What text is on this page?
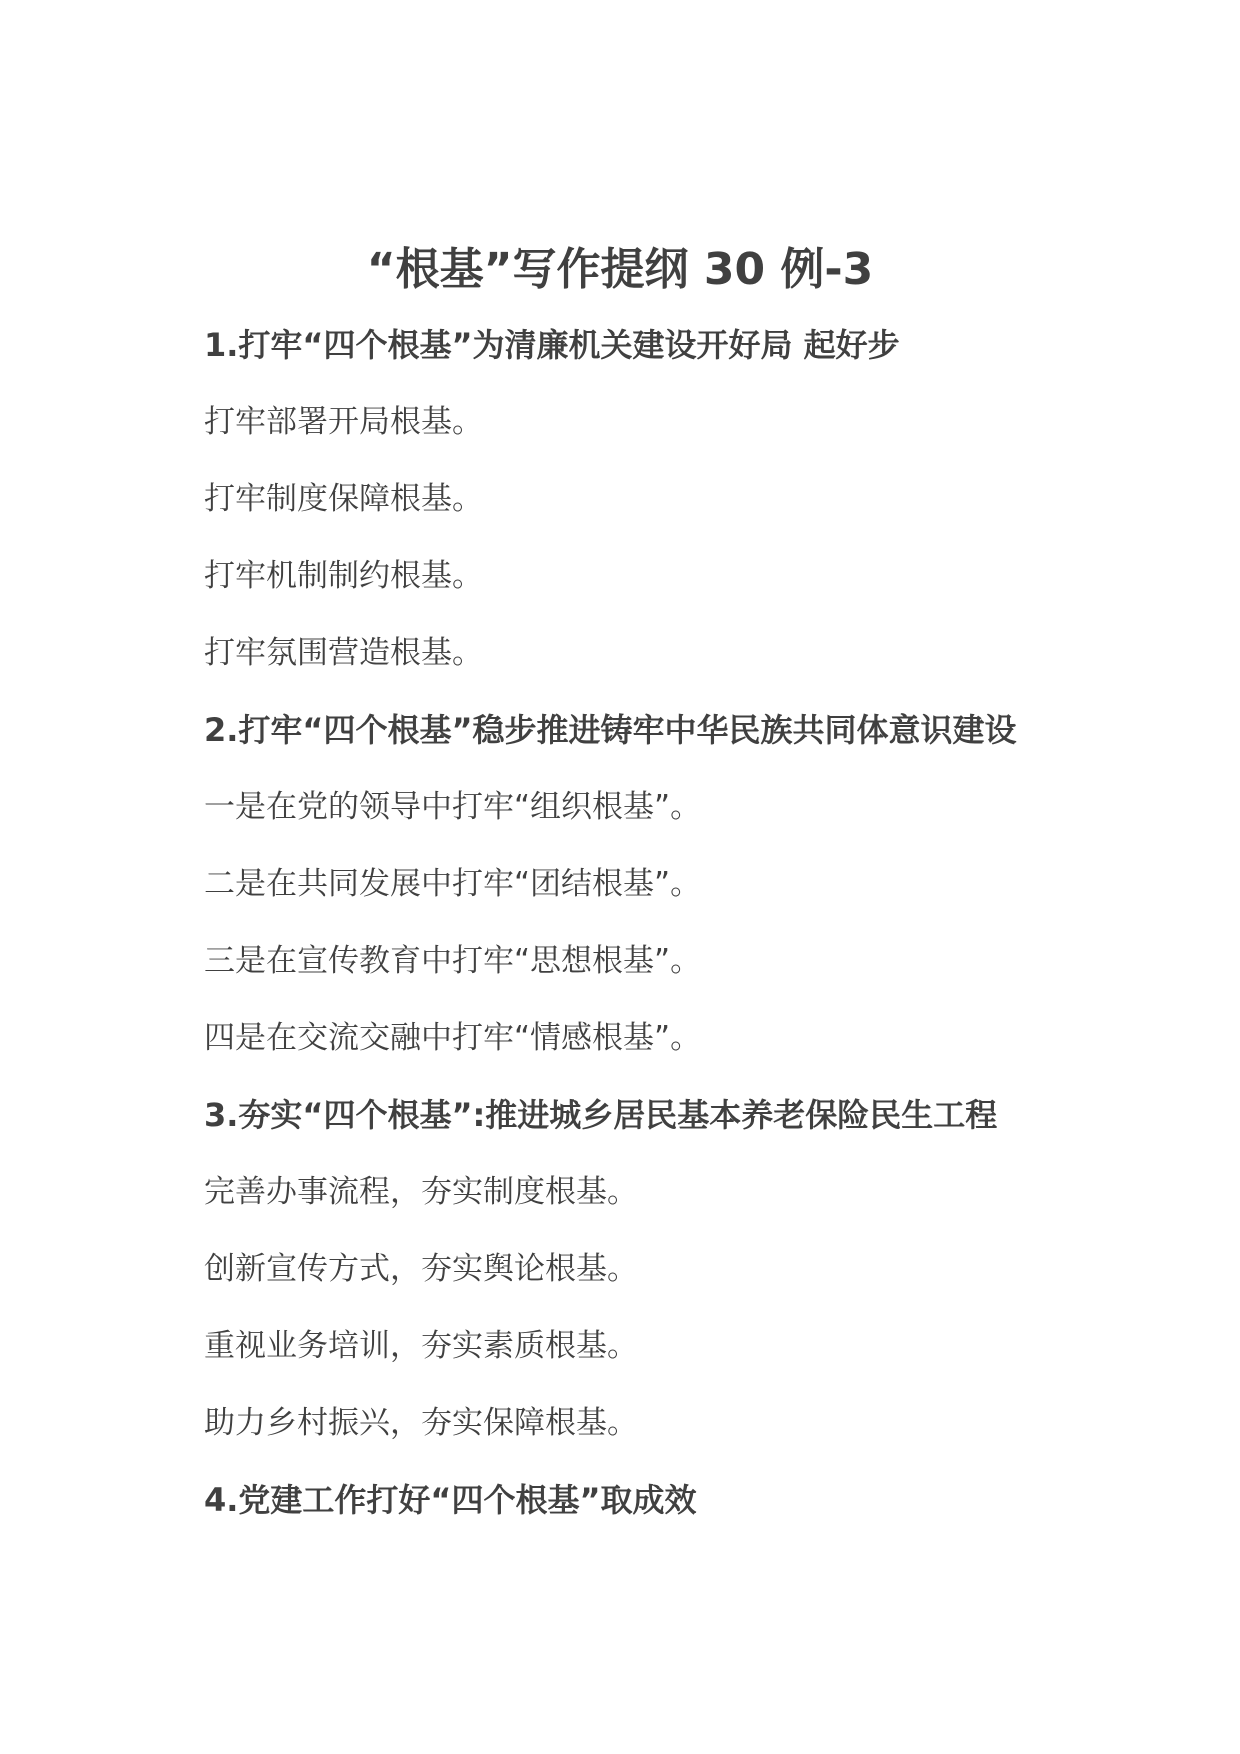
“根基”写作提纲 30 例-3
1.打牢“四个根基”为清廉机关建设开好局 起好步
打牢部署开局根基。
打牢制度保障根基。
打牢机制制约根基。
打牢氛围营造根基。
2.打牢“四个根基”稳步推进铸牢中华民族共同体意识建设
一是在党的领导中打牢“组织根基”。
二是在共同发展中打牢“团结根基”。
三是在宣传教育中打牢“思想根基”。
四是在交流交融中打牢“情感根基”。
3.夯实“四个根基”:推进城乡居民基本养老保险民生工程
完善办事流程，夯实制度根基。
创新宣传方式，夯实舆论根基。
重视业务培训，夯实素质根基。
助力乡村振兴，夯实保障根基。
4.党建工作打好“四个根基”取成效
